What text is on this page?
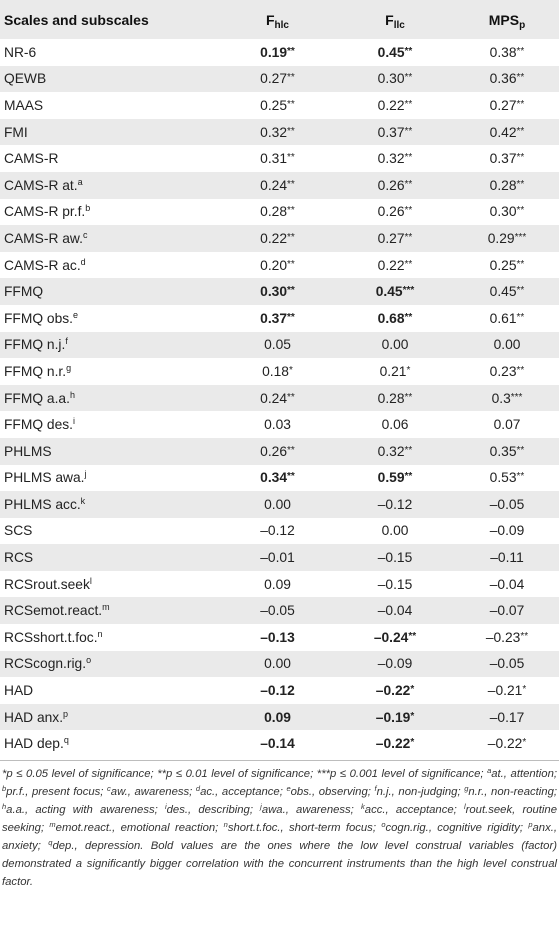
Scales and subscales	$F_{hlc}$	$F_{llc}$	$MPS_p$
NR-6	0.19**	0.45**	0.38**
QEWB	0.27**	0.30**	0.36**
MAAS	0.25**	0.22**	0.27**
FMI	0.32**	0.37**	0.42**
CAMS-R	0.31**	0.32**	0.37**
CAMS-R at.$^a$	0.24**	0.26**	0.28**
CAMS-R pr.f.$^b$	0.28**	0.26**	0.30**
CAMS-R aw.$^c$	0.22**	0.27**	0.29***
CAMS-R ac.$^d$	0.20**	0.22**	0.25**
FFMQ	0.30**	0.45***	0.45**
FFMQ obs.$^e$	0.37**	0.68**	0.61**
FFMQ n.j.$^f$	0.05	0.00	0.00
FFMQ n.r.$^g$	0.18*	0.21*	0.23**
FFMQ a.a.$^h$	0.24**	0.28**	0.3***
FFMQ des.$^i$	0.03	0.06	0.07
PHLMS	0.26**	0.32**	0.35**
PHLMS awa.$^j$	0.34**	0.59**	0.53**
PHLMS acc.$^k$	0.00	–0.12	–0.05
SCS	–0.12	0.00	–0.09
RCS	–0.01	–0.15	–0.11
RCSrout.seek$^l$	0.09	–0.15	–0.04
RCSemot.react.$^m$	–0.05	–0.04	–0.07
RCSshort.t.foc.$^n$	–0.13	–0.24**	–0.23**
RCScogn.rig.$^o$	0.00	–0.09	–0.05
HAD	–0.12	–0.22*	–0.21*
HAD anx.$^p$	0.09	–0.19*	–0.17
HAD dep.$^q$	–0.14	–0.22*	–0.22*

*p ≤ 0.05 level of significance; **p ≤ 0.01 level of significance; ***p ≤ 0.001 level of significance; $^a$at., attention; $^b$pr.f., present focus; $^c$aw., awareness; $^d$ac., acceptance; $^e$obs., observing; $^f$n.j., non-judging; $^g$n.r., non-reacting; $^h$a.a., acting with awareness; $^i$des., describing; $^j$awa., awareness; $^k$acc., acceptance; $^l$rout.seek, routine seeking; $^m$emot.react., emotional reaction; $^n$short.t.foc., short-term focus; $^o$cogn.rig., cognitive rigidity; $^p$anx., anxiety; $^q$dep., depression. Bold values are the ones where the low level construal variables (factor) demonstrated a significantly bigger correlation with the concurrent instruments than the high level construal factor.
